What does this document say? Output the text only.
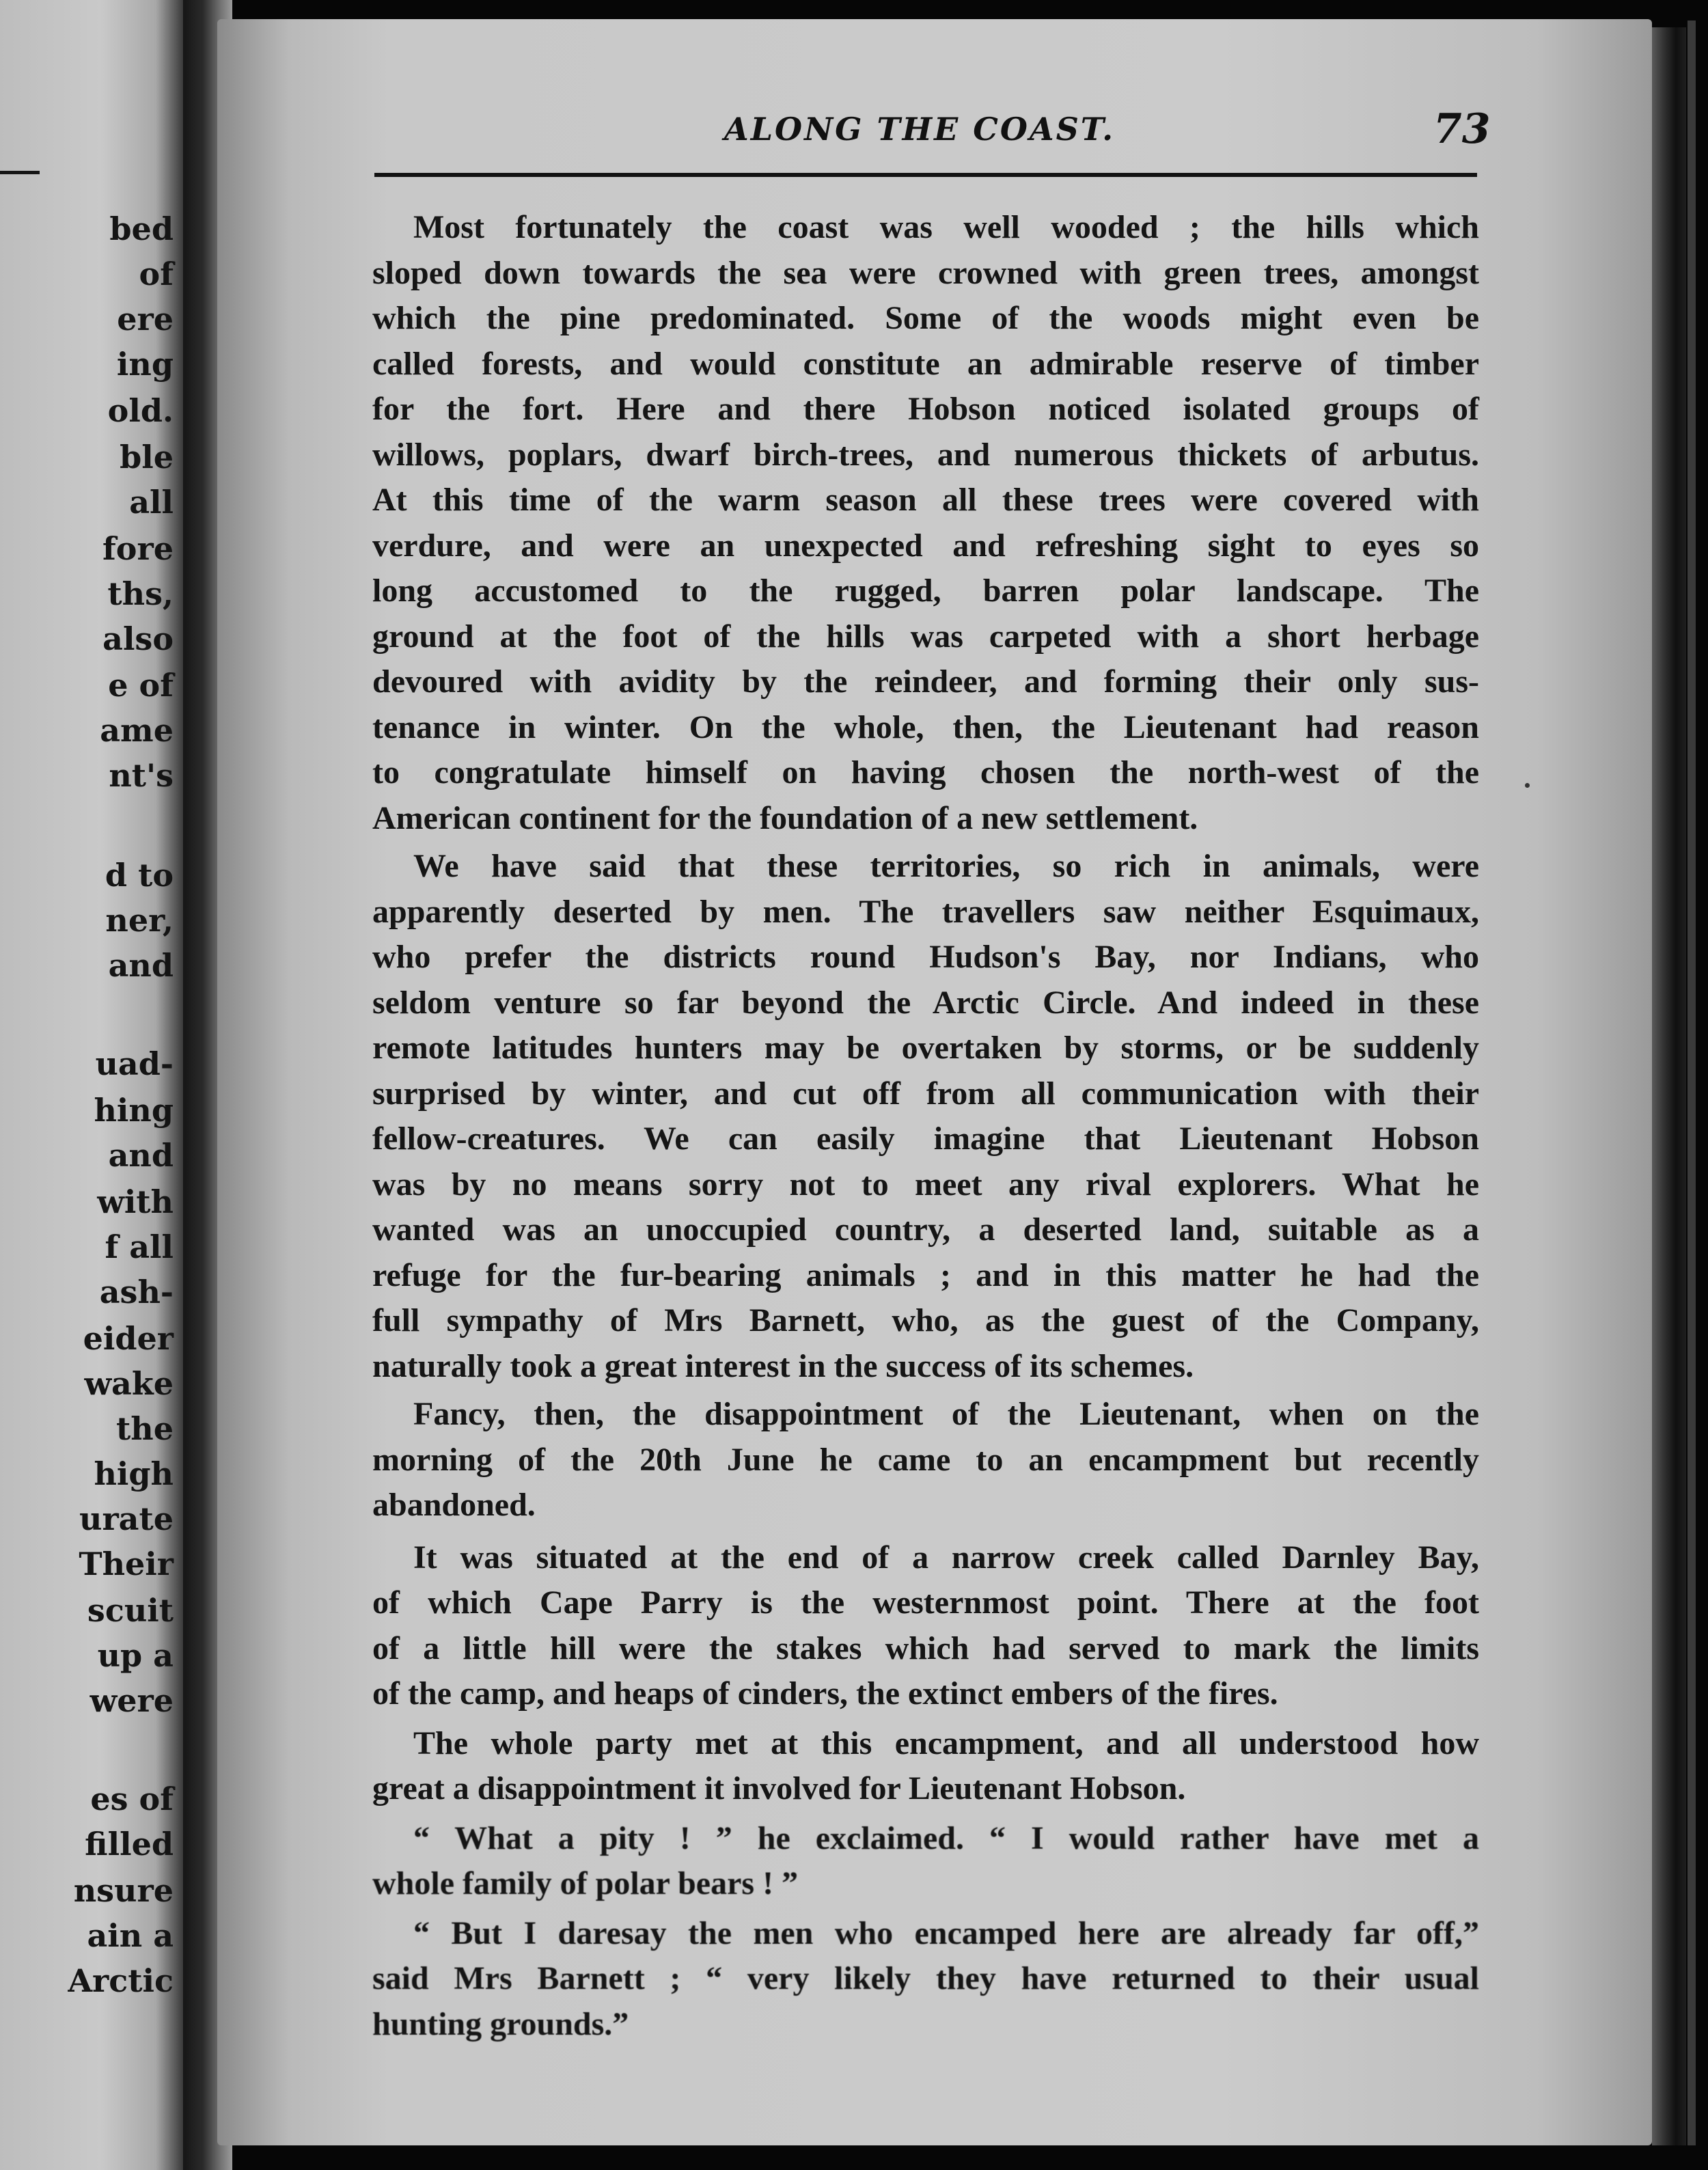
bed
of
ere
ing
old.
ble
all
fore
ths,
also
e of
ame
nt's
d to
ner,
and
uad-
hing
and
with
f all
ash-
eider
wake
the
high
urate
Their
scuit
up a
were
es of
filled
nsure
ain a
Arctic
ALONG THE COAST.	73
Most fortunately the coast was well wooded ; the hills which
sloped down towards the sea were crowned with green trees, amongst
which the pine predominated. Some of the woods might even be
called forests, and would constitute an admirable reserve of timber
for the fort. Here and there Hobson noticed isolated groups of
willows, poplars, dwarf birch-trees, and numerous thickets of arbutus.
At this time of the warm season all these trees were covered with
verdure, and were an unexpected and refreshing sight to eyes so
long accustomed to the rugged, barren polar landscape. The
ground at the foot of the hills was carpeted with a short herbage
devoured with avidity by the reindeer, and forming their only sus-
tenance in winter. On the whole, then, the Lieutenant had reason
to congratulate himself on having chosen the north-west of the
American continent for the foundation of a new settlement.
We have said that these territories, so rich in animals, were
apparently deserted by men. The travellers saw neither Esquimaux,
who prefer the districts round Hudson's Bay, nor Indians, who
seldom venture so far beyond the Arctic Circle. And indeed in these
remote latitudes hunters may be overtaken by storms, or be suddenly
surprised by winter, and cut off from all communication with their
fellow-creatures. We can easily imagine that Lieutenant Hobson
was by no means sorry not to meet any rival explorers. What he
wanted was an unoccupied country, a deserted land, suitable as a
refuge for the fur-bearing animals ; and in this matter he had the
full sympathy of Mrs Barnett, who, as the guest of the Company,
naturally took a great interest in the success of its schemes.
Fancy, then, the disappointment of the Lieutenant, when on the
morning of the 20th June he came to an encampment but recently
abandoned.
It was situated at the end of a narrow creek called Darnley Bay,
of which Cape Parry is the westernmost point. There at the foot
of a little hill were the stakes which had served to mark the limits
of the camp, and heaps of cinders, the extinct embers of the fires.
The whole party met at this encampment, and all understood how
great a disappointment it involved for Lieutenant Hobson.
“ What a pity ! ” he exclaimed. “ I would rather have met a
whole family of polar bears ! ”
“ But I daresay the men who encamped here are already far off,”
said Mrs Barnett ; “ very likely they have returned to their usual
hunting grounds.”
